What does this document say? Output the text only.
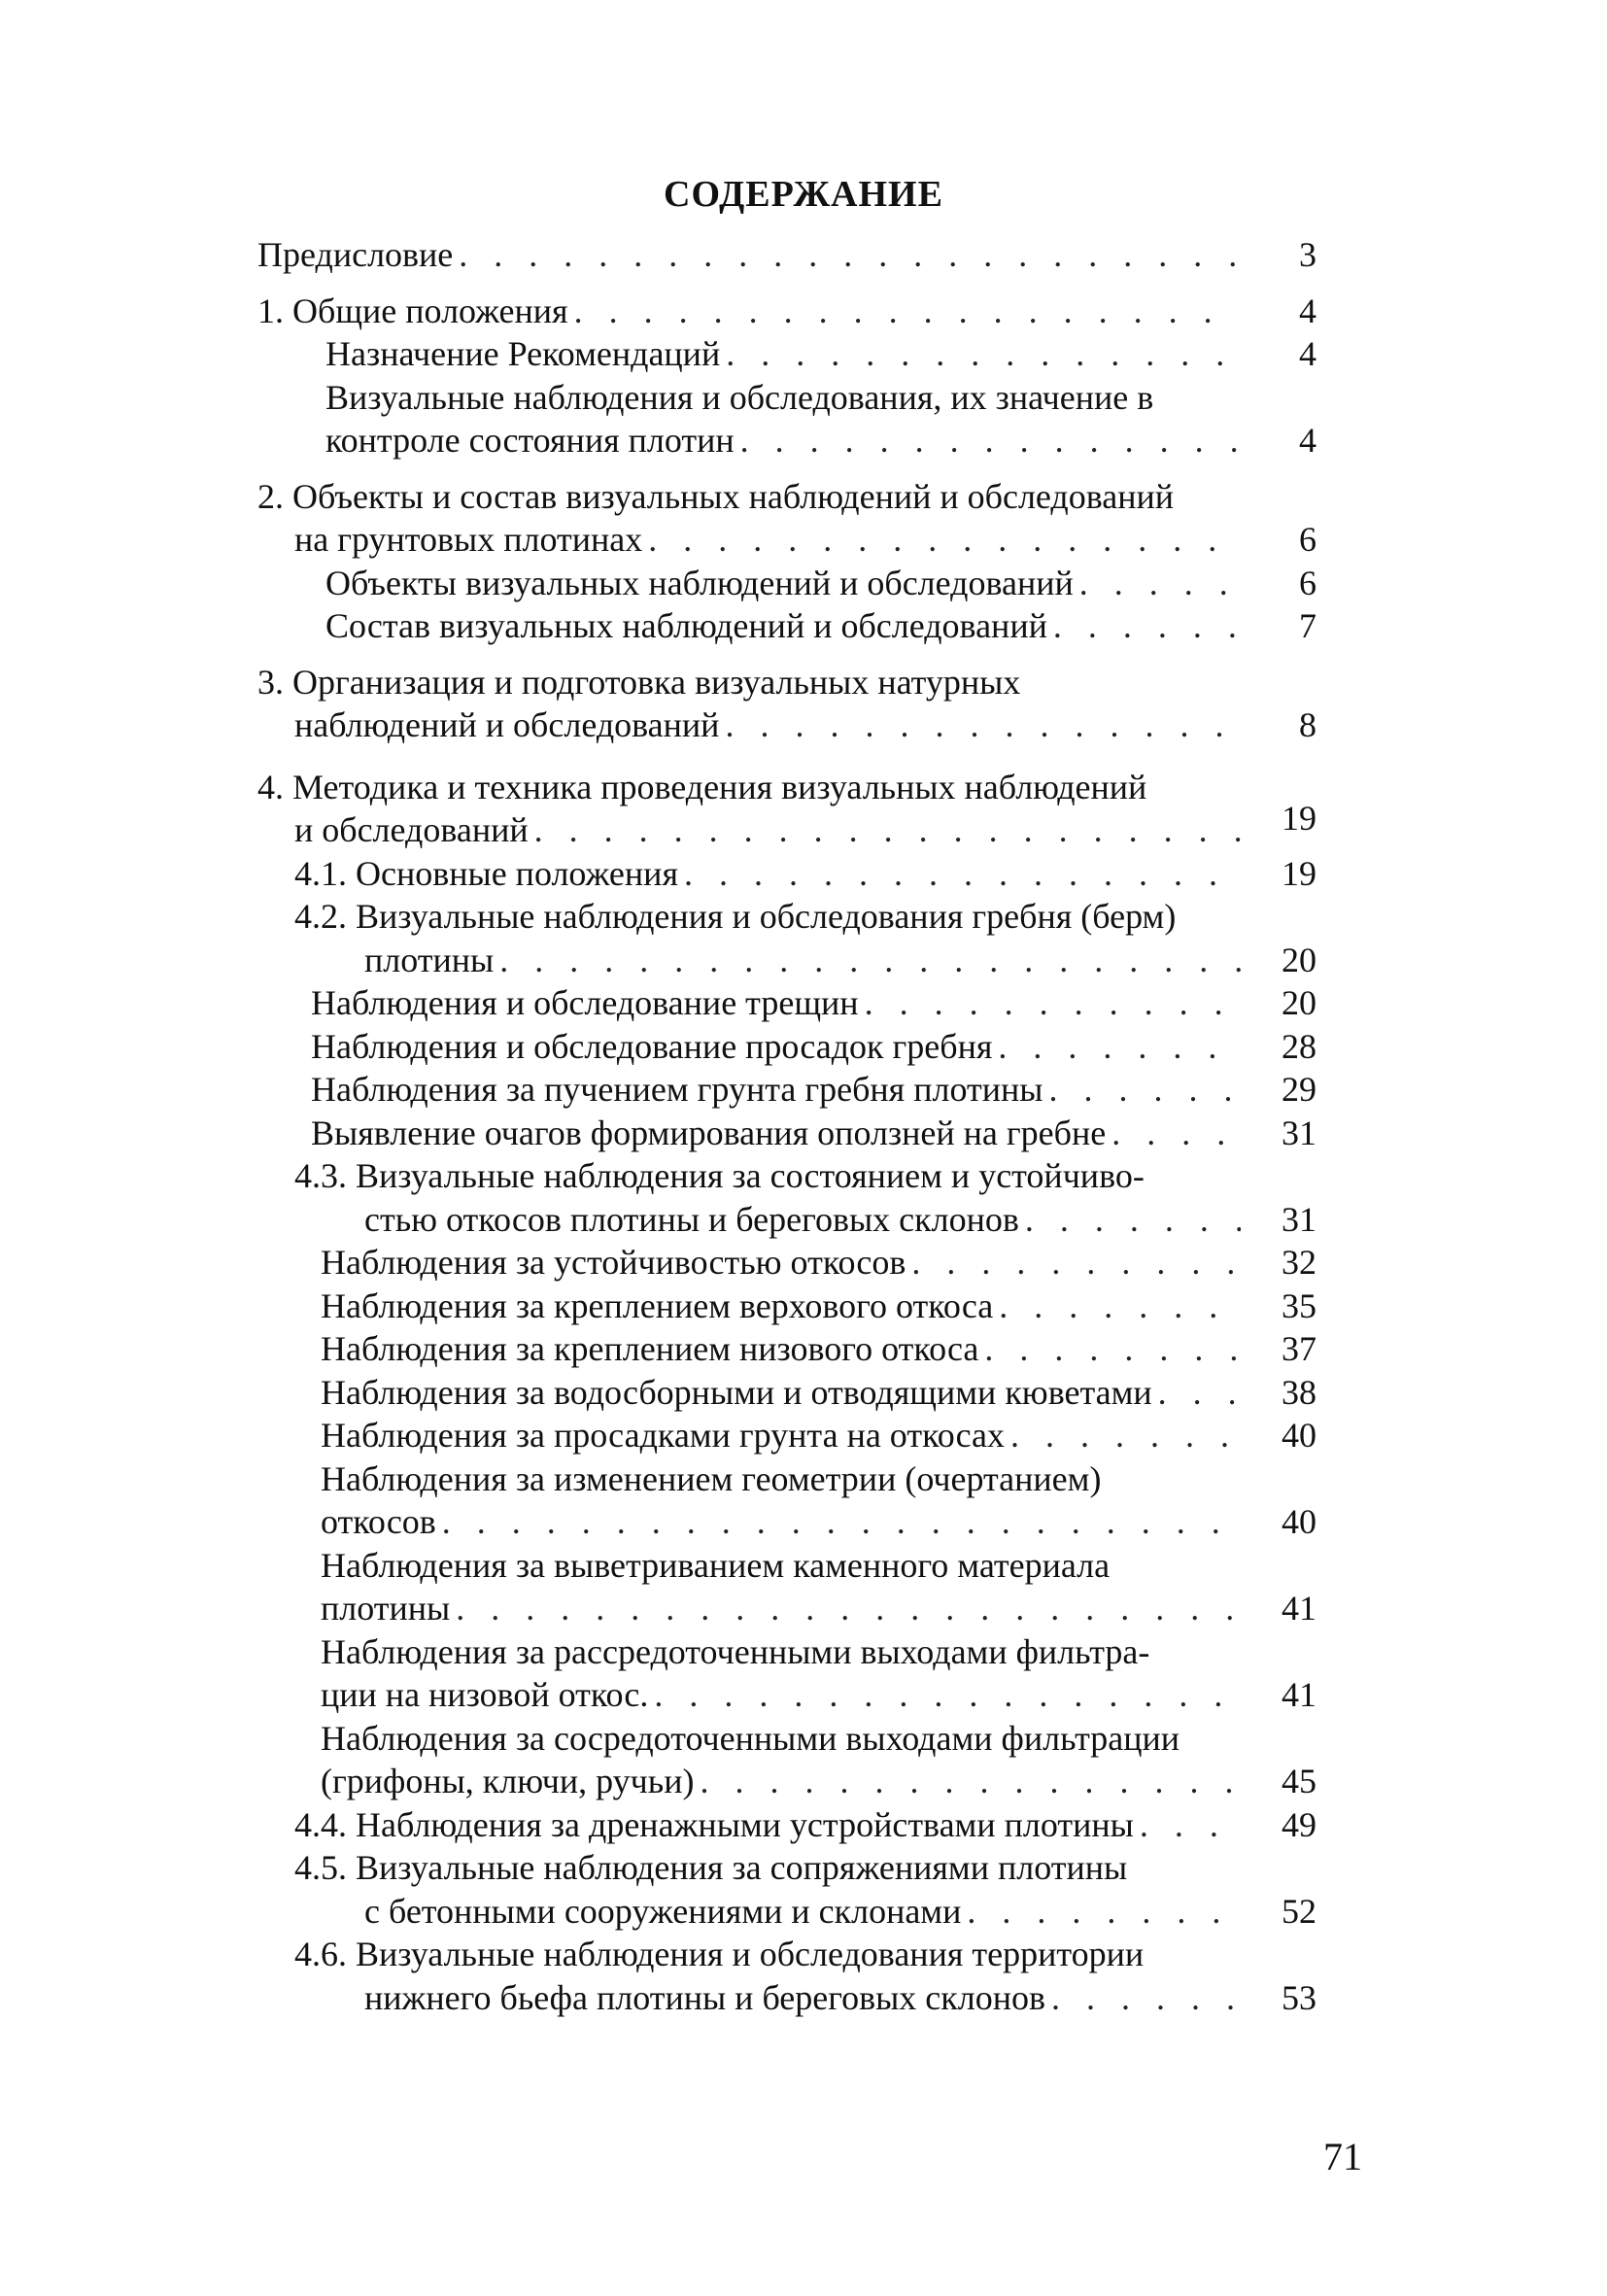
СОДЕРЖАНИЕ
Предисловие . . .	3
1. Общие положения . . .	4
Назначение Рекомендаций . . .	4
Визуальные наблюдения и обследования, их значение в
контроле состояния плотин . . .	4
2. Объекты и состав визуальных наблюдений и обследований
на грунтовых плотинах . . .	6
Объекты визуальных наблюдений и обследований . . .	6
Состав визуальных наблюдений и обследований . . .	7
3. Организация и подготовка визуальных натурных
наблюдений и обследований . . .	8
4. Методика и техника проведения визуальных наблюдений
и обследований . . .	19
4.1. Основные положения . . .	19
4.2. Визуальные наблюдения и обследования гребня (берм)
плотины . . .	20
Наблюдения и обследование трещин . . .	20
Наблюдения и обследование просадок гребня . . .	28
Наблюдения за пучением грунта гребня плотины . . .	29
Выявление очагов формирования оползней на гребне . . .	31
4.3. Визуальные наблюдения за состоянием и устойчиво-
стью откосов плотины и береговых склонов . . .	31
Наблюдения за устойчивостью откосов . . .	32
Наблюдения за креплением верхового откоса . . .	35
Наблюдения за креплением низового откоса . . .	37
Наблюдения за водосборными и отводящими кюветами . . .	38
Наблюдения за просадками грунта на откосах . . .	40
Наблюдения за изменением геометрии (очертанием)
откосов . . .	40
Наблюдения за выветриванием каменного материала
плотины . . .	41
Наблюдения за рассредоточенными выходами фильтра-
ции на низовой откос. . . .	41
Наблюдения за сосредоточенными выходами фильтрации
(грифоны, ключи, ручьи) . . .	45
4.4. Наблюдения за дренажными устройствами плотины . . .	49
4.5. Визуальные наблюдения за сопряжениями плотины
с бетонными сооружениями и склонами . . .	52
4.6. Визуальные наблюдения и обследования территории
нижнего бьефа плотины и береговых склонов . . .	53
71
